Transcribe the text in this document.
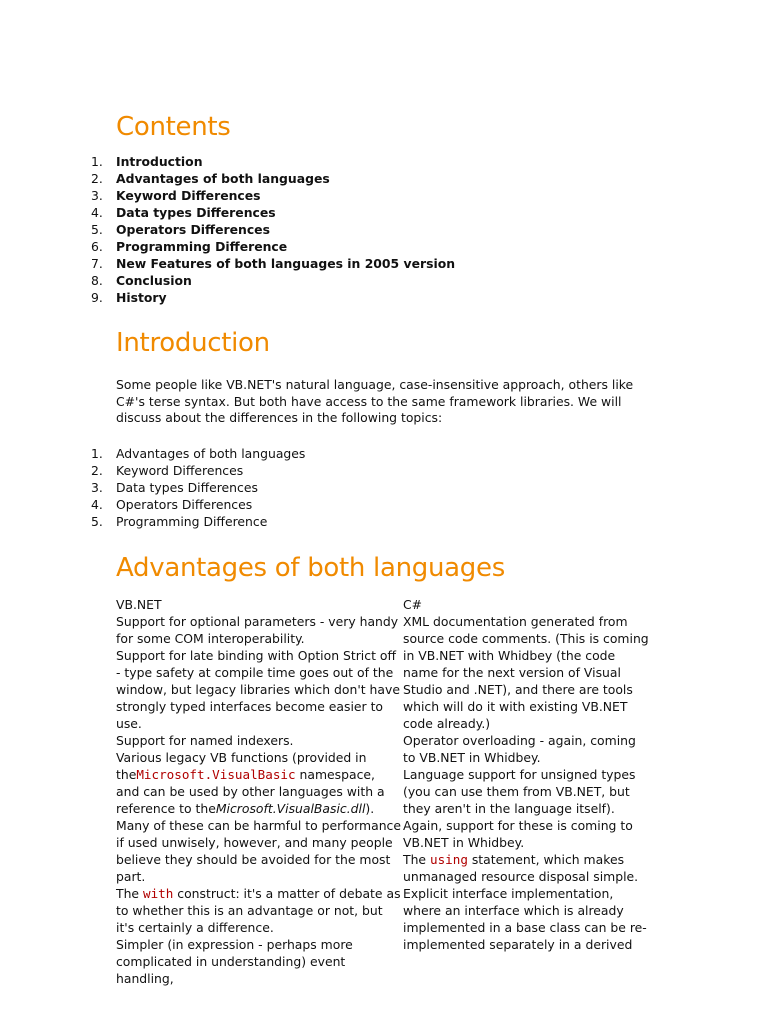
Contents
1.	Introduction
2.	Advantages of both languages
3.	Keyword Differences
4.	Data types Differences
5.	Operators Differences
6.	Programming Difference
7.	New Features of both languages in 2005 version
8.	Conclusion
9.	History
Introduction

Some people like VB.NET's natural language, case-insensitive approach, others like C#'s terse syntax. But both have access to the same framework libraries. We will discuss about the differences in the following topics:

1.	Advantages of both languages
2.	Keyword Differences
3.	Data types Differences
4.	Operators Differences
5.	Programming Difference
Advantages of both languages

VB.NET

Support for optional parameters - very handy for some COM interoperability.

Support for late binding with Option Strict off - type safety at compile time goes out of the window, but legacy libraries which don't have strongly typed interfaces become easier to use.

Support for named indexers.

Various legacy VB functions (provided in theMicrosoft.VisualBasic namespace, and can be used by other languages with a reference to theMicrosoft.VisualBasic.dll). Many of these can be harmful to performance if used unwisely, however, and many people believe they should be avoided for the most part.

The with construct: it's a matter of debate as to whether this is an advantage or not, but it's certainly a difference.

Simpler (in expression - perhaps more complicated in understanding) event handling,

C#

XML documentation generated from source code comments. (This is coming in VB.NET with Whidbey (the code name for the next version of Visual Studio and .NET), and there are tools which will do it with existing VB.NET code already.)

Operator overloading - again, coming to VB.NET in Whidbey.

Language support for unsigned types (you can use them from VB.NET, but they aren't in the language itself). Again, support for these is coming to VB.NET in Whidbey.

The using statement, which makes unmanaged resource disposal simple.

Explicit interface implementation, where an interface which is already implemented in a base class can be re-implemented separately in a derived
